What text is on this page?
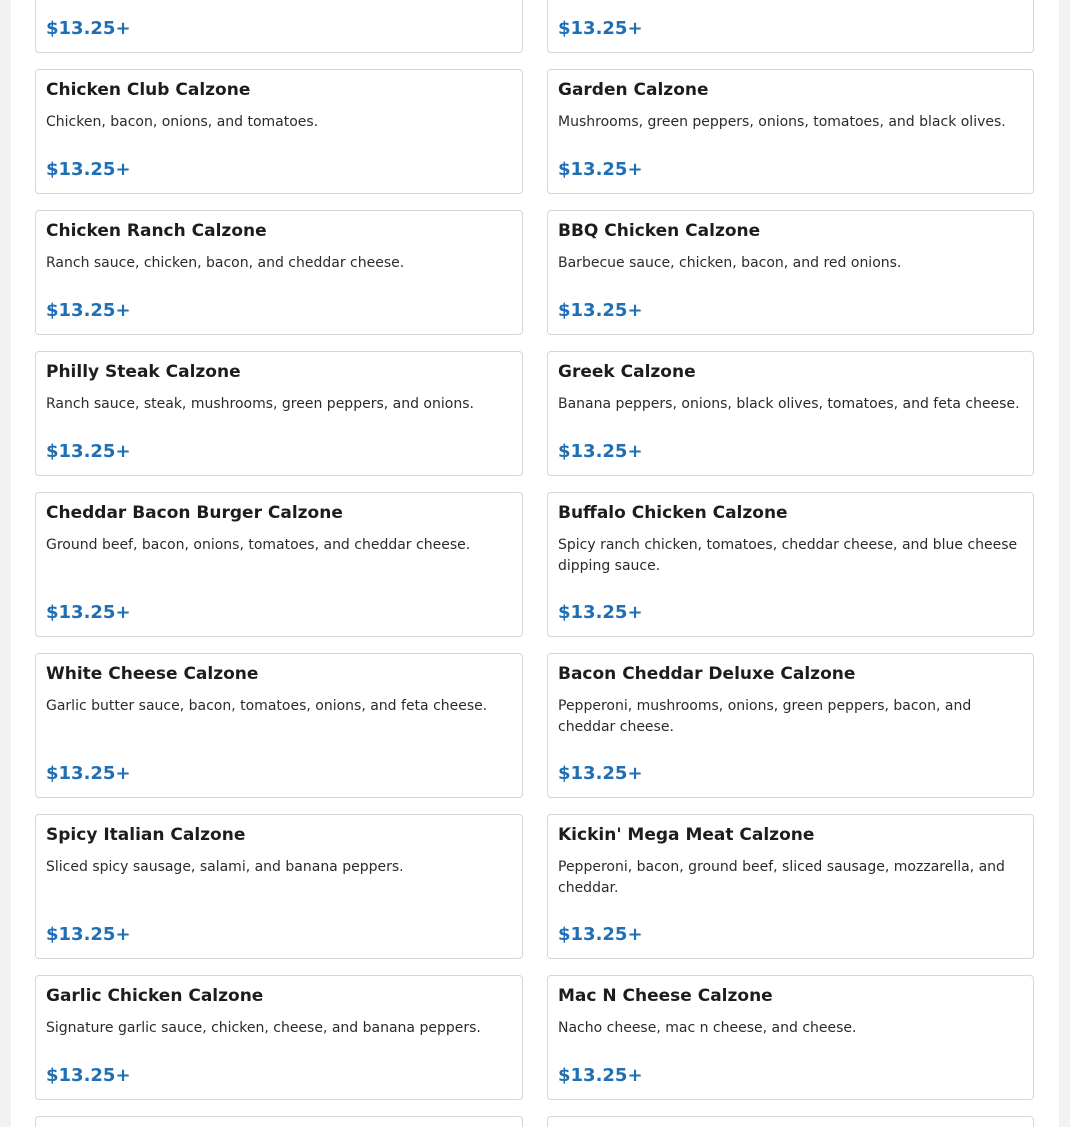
$13.25+	$13.25+
Chicken Club Calzone
Chicken, bacon, onions, and tomatoes.
$13.25+
Garden Calzone
Mushrooms, green peppers, onions, tomatoes, and black olives.
$13.25+
Chicken Ranch Calzone
Ranch sauce, chicken, bacon, and cheddar cheese.
$13.25+
BBQ Chicken Calzone
Barbecue sauce, chicken, bacon, and red onions.
$13.25+
Philly Steak Calzone
Ranch sauce, steak, mushrooms, green peppers, and onions.
$13.25+
Greek Calzone
Banana peppers, onions, black olives, tomatoes, and feta cheese.
$13.25+
Cheddar Bacon Burger Calzone
Ground beef, bacon, onions, tomatoes, and cheddar cheese.
$13.25+
Buffalo Chicken Calzone
Spicy ranch chicken, tomatoes, cheddar cheese, and blue cheese dipping sauce.
$13.25+
White Cheese Calzone
Garlic butter sauce, bacon, tomatoes, onions, and feta cheese.
$13.25+
Bacon Cheddar Deluxe Calzone
Pepperoni, mushrooms, onions, green peppers, bacon, and cheddar cheese.
$13.25+
Spicy Italian Calzone
Sliced spicy sausage, salami, and banana peppers.
$13.25+
Kickin' Mega Meat Calzone
Pepperoni, bacon, ground beef, sliced sausage, mozzarella, and cheddar.
$13.25+
Garlic Chicken Calzone
Signature garlic sauce, chicken, cheese, and banana peppers.
$13.25+
Mac N Cheese Calzone
Nacho cheese, mac n cheese, and cheese.
$13.25+
